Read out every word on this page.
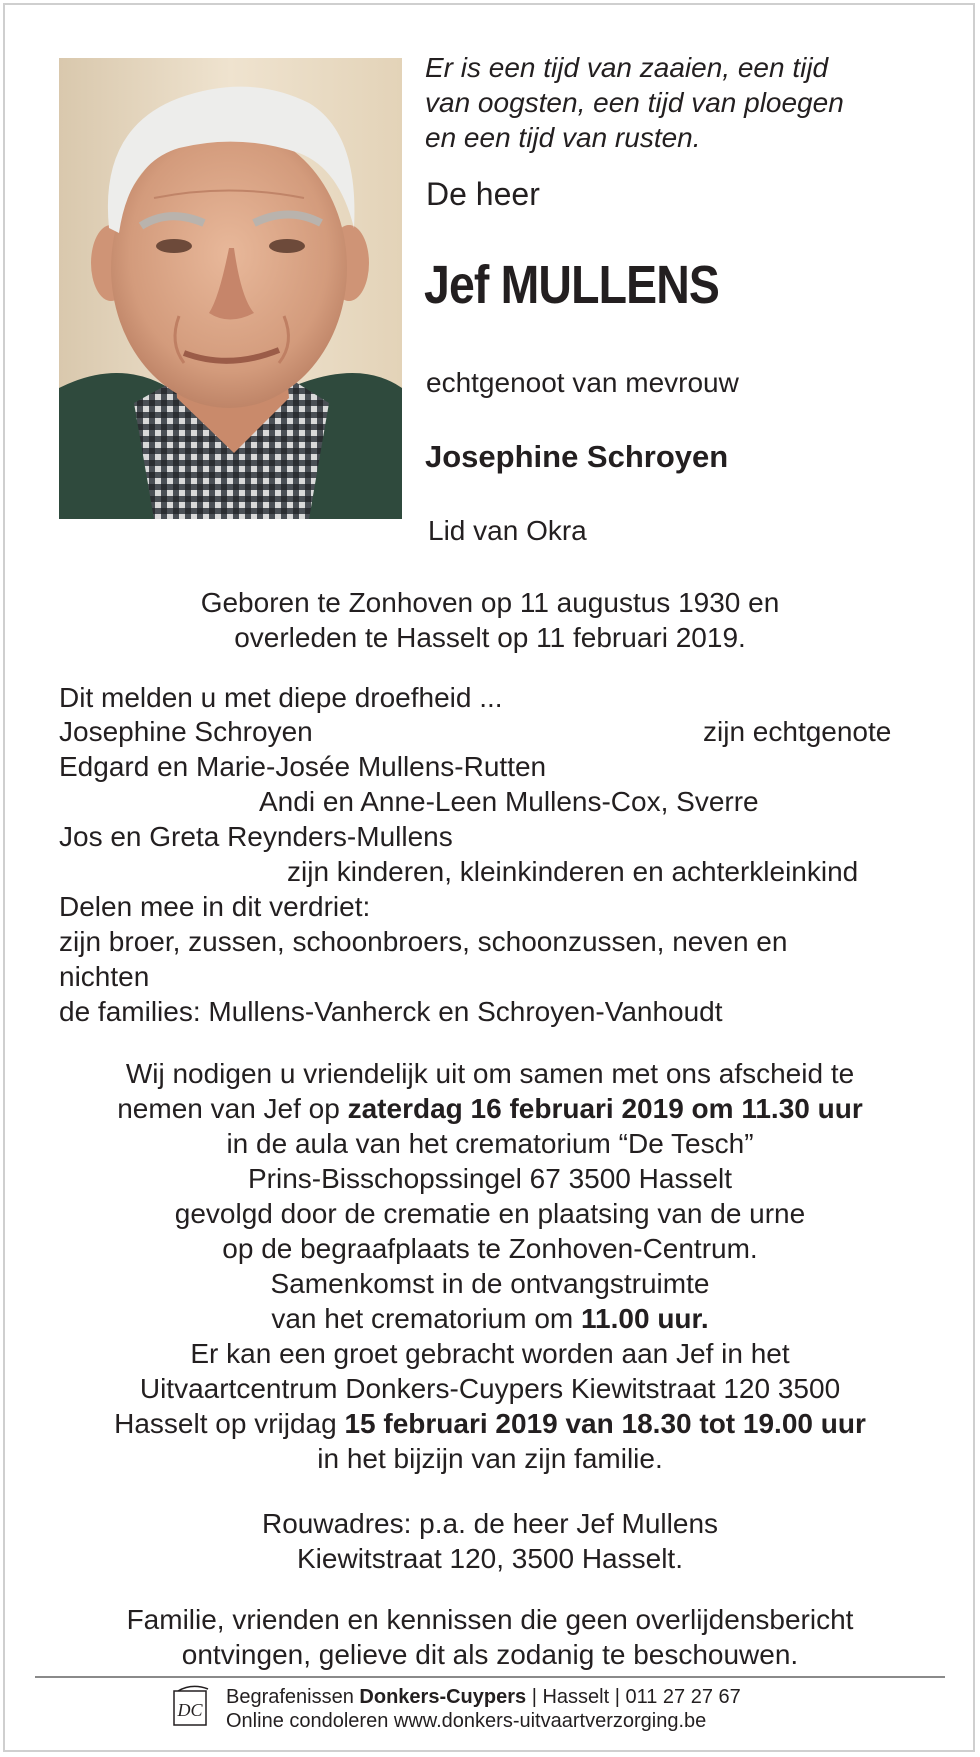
Er is een tijd van zaaien, een tijd
van oogsten, een tijd van ploegen
en een tijd van rusten.
De heer
Jef MULLENS
echtgenoot van mevrouw
Josephine Schroyen
Lid van Okra
Geboren te Zonhoven op 11 augustus 1930 en
overleden te Hasselt op 11 februari 2019.
Dit melden u met diepe droefheid ...
Josephine Schroyen	zijn echtgenote
Edgard en Marie-Josée Mullens-Rutten
Andi en Anne-Leen Mullens-Cox, Sverre
Jos en Greta Reynders-Mullens
zijn kinderen, kleinkinderen en achterkleinkind
Delen mee in dit verdriet:
zijn broer, zussen, schoonbroers, schoonzussen, neven en
nichten
de families: Mullens-Vanherck en Schroyen-Vanhoudt
Wij nodigen u vriendelijk uit om samen met ons afscheid te
nemen van Jef op zaterdag 16 februari 2019 om 11.30 uur
in de aula van het crematorium “De Tesch”
Prins-Bisschopssingel 67 3500 Hasselt
gevolgd door de crematie en plaatsing van de urne
op de begraafplaats te Zonhoven-Centrum.
Samenkomst in de ontvangstruimte
van het crematorium om 11.00 uur.
Er kan een groet gebracht worden aan Jef in het
Uitvaartcentrum Donkers-Cuypers Kiewitstraat 120 3500
Hasselt op vrijdag 15 februari 2019 van 18.30 tot 19.00 uur
in het bijzijn van zijn familie.
Rouwadres: p.a. de heer Jef Mullens
Kiewitstraat 120, 3500 Hasselt.
Familie, vrienden en kennissen die geen overlijdensbericht
ontvingen, gelieve dit als zodanig te beschouwen.
DC
Begrafenissen Donkers-Cuypers | Hasselt | 011 27 27 67
Online condoleren www.donkers-uitvaartverzorging.be
